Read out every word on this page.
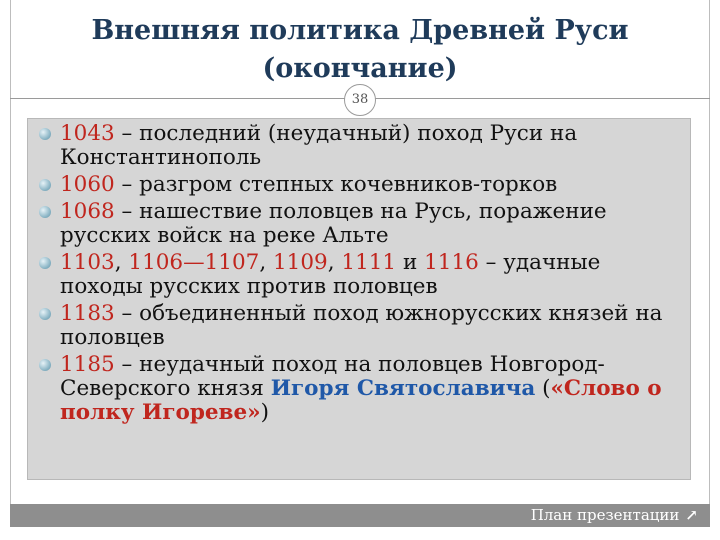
Внешняя политика Древней Руси
(окончание)
38
1043 – последний (неудачный) поход Руси на Константинополь
1060 – разгром степных кочевников-торков
1068 – нашествие половцев на Русь, поражение русских войск на реке Альте
1103, 1106—1107, 1109, 1111 и 1116 – удачные походы русских против половцев
1183 – объединенный поход южнорусских князей на половцев
1185 – неудачный поход на половцев Новгород-Северского князя Игоря Святославича («Слово о полку Игореве»)
План презентации ↗
